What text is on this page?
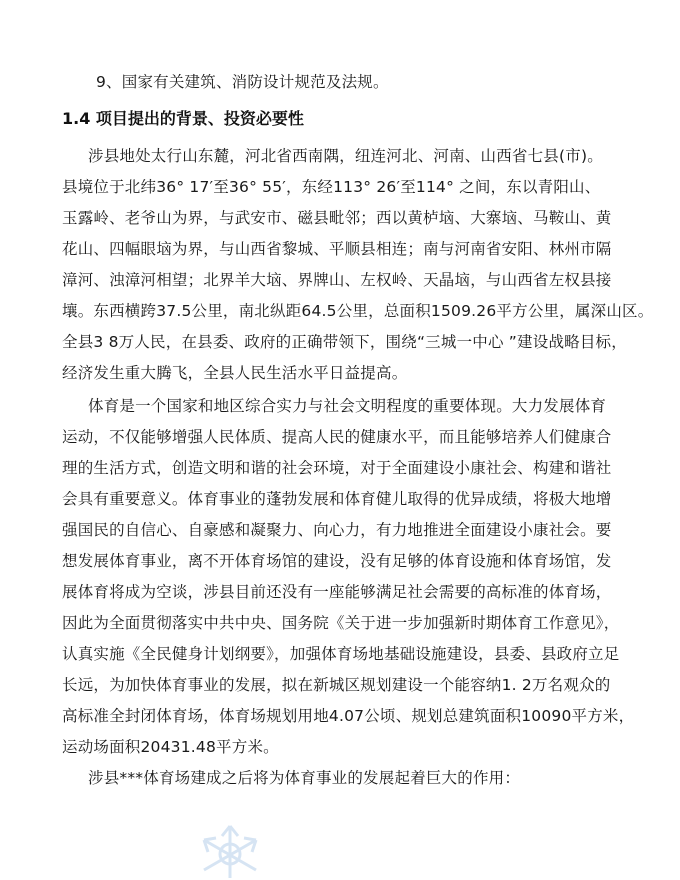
9、国家有关建筑、消防设计规范及法规。
1.4 项目提出的背景、投资必要性
涉县地处太行山东麓，河北省西南隅，纽连河北、河南、山西省七县(市)。
县境位于北纬36° 17′至36° 55′，东经113° 26′至114° 之间，东以青阳山、
玉露岭、老爷山为界，与武安市、磁县毗邻；西以黄栌垴、大寨垴、马鞍山、黄
花山、四幅眼垴为界，与山西省黎城、平顺县相连；南与河南省安阳、林州市隔
漳河、浊漳河相望；北界羊大垴、界牌山、左权岭、天晶垴，与山西省左权县接
壤。东西横跨37.5公里，南北纵距64.5公里，总面积1509.26平方公里，属深山区。
全县3 8万人民，在县委、政府的正确带领下，围绕“三城一中心 ”建设战略目标，
经济发生重大腾飞，全县人民生活水平日益提高。
体育是一个国家和地区综合实力与社会文明程度的重要体现。大力发展体育
运动，不仅能够增强人民体质、提高人民的健康水平，而且能够培养人们健康合
理的生活方式，创造文明和谐的社会环境，对于全面建设小康社会、构建和谐社
会具有重要意义。体育事业的蓬勃发展和体育健儿取得的优异成绩，将极大地增
强国民的自信心、自豪感和凝聚力、向心力，有力地推进全面建设小康社会。要
想发展体育事业，离不开体育场馆的建设，没有足够的体育设施和体育场馆，发
展体育将成为空谈，涉县目前还没有一座能够满足社会需要的高标准的体育场，
因此为全面贯彻落实中共中央、国务院《关于进一步加强新时期体育工作意见》，
认真实施《全民健身计划纲要》，加强体育场地基础设施建设，县委、县政府立足
长远，为加快体育事业的发展，拟在新城区规划建设一个能容纳1. 2万名观众的
高标准全封闭体育场，体育场规划用地4.07公顷、规划总建筑面积10090平方米，
运动场面积20431.48平方米。
涉县***体育场建成之后将为体育事业的发展起着巨大的作用：
